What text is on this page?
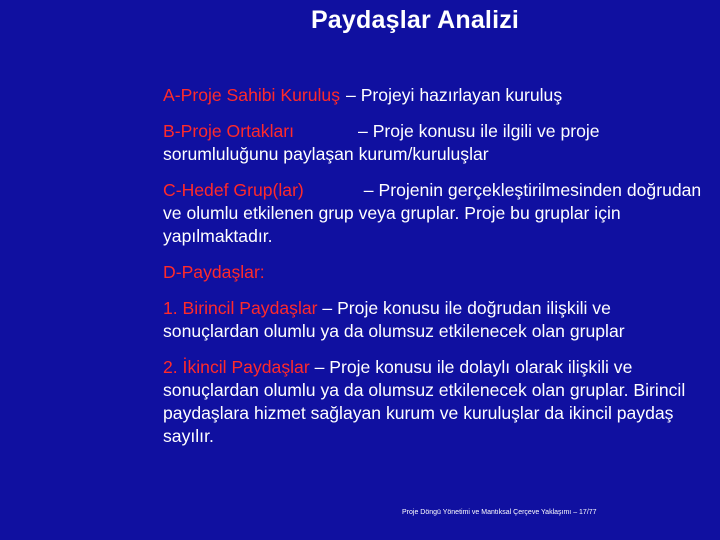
Paydaşlar Analizi

A-Proje Sahibi Kuruluş – Projeyi hazırlayan kuruluş

B-Proje Ortakları	– Proje konusu ile ilgili ve proje sorumluluğunu paylaşan kurum/kuruluşlar

C-Hedef Grup(lar)	– Projenin gerçekleştirilmesinden doğrudan ve olumlu etkilenen grup veya gruplar. Proje bu gruplar için yapılmaktadır.

D-Paydaşlar:

1. Birincil Paydaşlar – Proje konusu ile doğrudan ilişkili ve sonuçlardan olumlu ya da olumsuz etkilenecek olan gruplar

2. İkincil Paydaşlar – Proje konusu ile dolaylı olarak ilişkili ve sonuçlardan olumlu ya da olumsuz etkilenecek olan gruplar. Birincil paydaşlara hizmet sağlayan kurum ve kuruluşlar da ikincil paydaş sayılır.

Proje Döngü Yönetimi ve Mantıksal Çerçeve Yaklaşımı – 17/77
